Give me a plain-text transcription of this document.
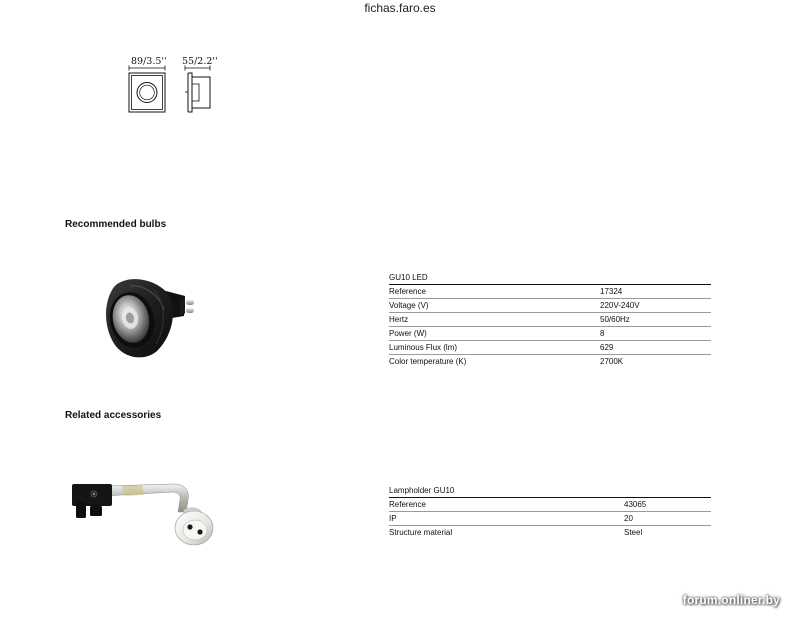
fichas.faro.es
89/3.5'' 55/2.2''
Recommended bulbs
GU10 LED
Reference	17324
Voltage (V)	220V-240V
Hertz	50/60Hz
Power (W)	8
Luminous Flux (lm)	629
Color temperature (K)	2700K
Related accessories
Lampholder GU10
Reference	43065
IP	20
Structure material	Steel
forum.onliner.by
